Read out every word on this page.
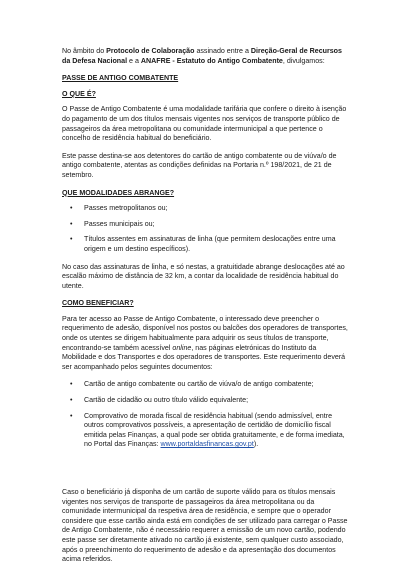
No âmbito do Protocolo de Colaboração assinado entre a Direção-Geral de Recursos da Defesa Nacional e a ANAFRE - Estatuto do Antigo Combatente, divulgamos:

PASSE DE ANTIGO COMBATENTE

O QUE É?

O Passe de Antigo Combatente é uma modalidade tarifária que confere o direito à isenção do pagamento de um dos títulos mensais vigentes nos serviços de transporte público de passageiros da área metropolitana ou comunidade intermunicipal a que pertence o concelho de residência habitual do beneficiário.

Este passe destina-se aos detentores do cartão de antigo combatente ou de viúva/o de antigo combatente, atentas as condições definidas na Portaria n.º 198/2021, de 21 de setembro.

QUE MODALIDADES ABRANGE?

• Passes metropolitanos ou;
• Passes municipais ou;
• Títulos assentes em assinaturas de linha (que permitem deslocações entre uma origem e um destino específicos).

No caso das assinaturas de linha, e só nestas, a gratuitidade abrange deslocações até ao escalão máximo de distância de 32 km, a contar da localidade de residência habitual do utente.

COMO BENEFICIAR?

Para ter acesso ao Passe de Antigo Combatente, o interessado deve preencher o requerimento de adesão, disponível nos postos ou balcões dos operadores de transportes, onde os utentes se dirigem habitualmente para adquirir os seus títulos de transporte, encontrando-se também acessível online, nas páginas eletrónicas do Instituto da Mobilidade e dos Transportes e dos operadores de transportes. Este requerimento deverá ser acompanhado pelos seguintes documentos:

• Cartão de antigo combatente ou cartão de viúva/o de antigo combatente;
• Cartão de cidadão ou outro título válido equivalente;
• Comprovativo de morada fiscal de residência habitual (sendo admissível, entre outros comprovativos possíveis, a apresentação de certidão de domicílio fiscal emitida pelas Finanças, a qual pode ser obtida gratuitamente, e de forma imediata, no Portal das Finanças: www.portaldasfinancas.gov.pt).

Caso o beneficiário já disponha de um cartão de suporte válido para os títulos mensais vigentes nos serviços de transporte de passageiros da área metropolitana ou da comunidade intermunicipal da respetiva área de residência, e sempre que o operador considere que esse cartão ainda está em condições de ser utilizado para carregar o Passe de Antigo Combatente, não é necessário requerer a emissão de um novo cartão, podendo este passe ser diretamente ativado no cartão já existente, sem qualquer custo associado, após o preenchimento do requerimento de adesão e da apresentação dos documentos acima referidos.
